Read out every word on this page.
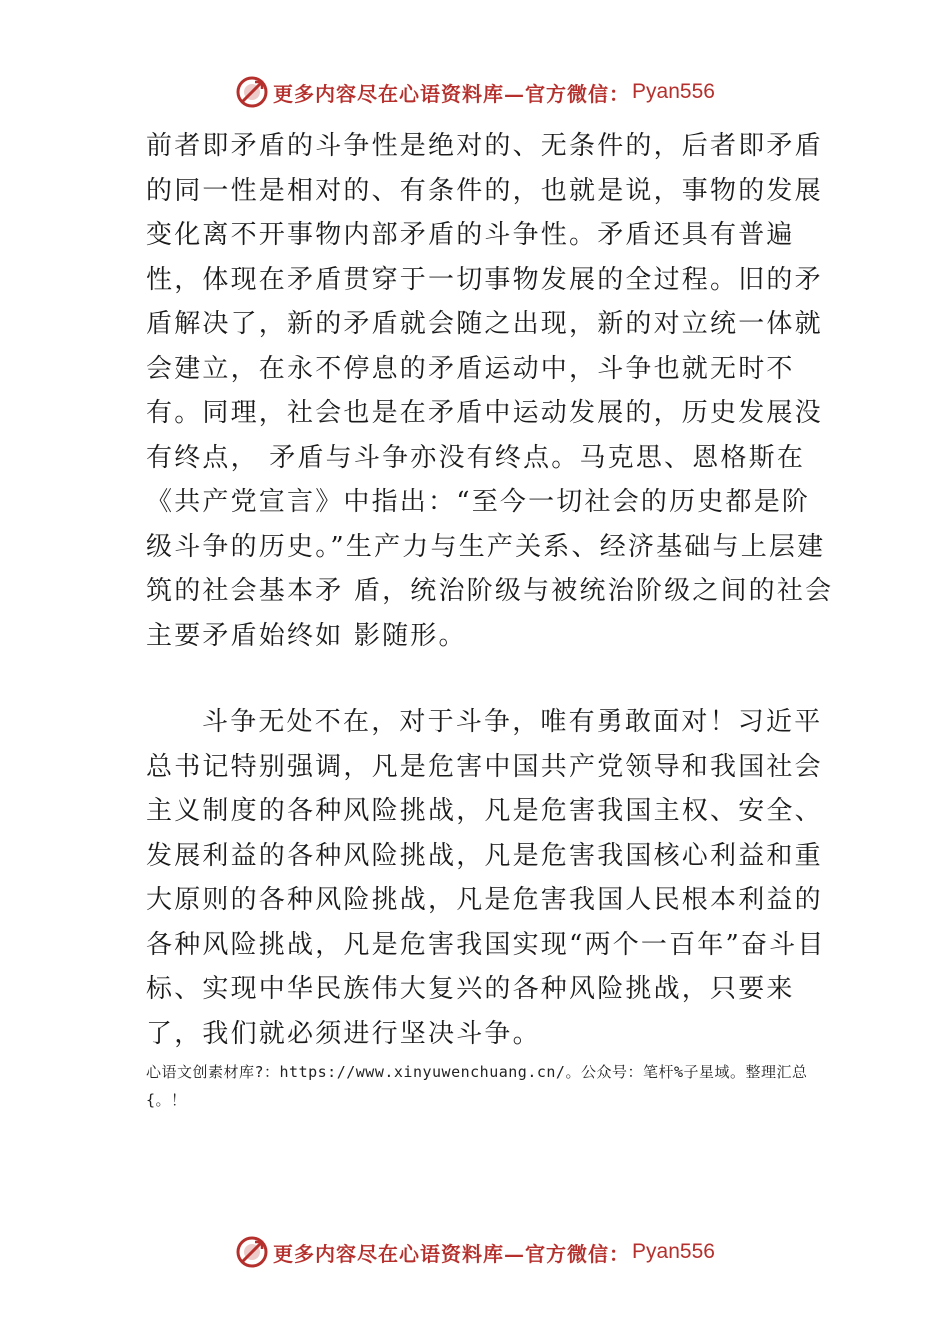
更多内容尽在心语资料库—官方微信： Pyan556

前者即矛盾的斗争性是绝对的、无条件的，后者即矛盾的同一性是相对的、有条件的，也就是说，事物的发展变化离不开事物内部矛盾的斗争性。矛盾还具有普遍性，体现在矛盾贯穿于一切事物发展的全过程。旧的矛盾解决了，新的矛盾就会随之出现，新的对立统一体就会建立，在永不停息的矛盾运动中，斗争也就无时不有。同理，社会也是在矛盾中运动发展的，历史发展没有终点， 矛盾与斗争亦没有终点。马克思、恩格斯在《共产党宣言》中指出：“至今一切社会的历史都是阶级斗争的历史。”生产力与生产关系、经济基础与上层建筑的社会基本矛 盾，统治阶级与被统治阶级之间的社会主要矛盾始终如 影随形。

斗争无处不在，对于斗争，唯有勇敢面对！习近平总书记特别强调，凡是危害中国共产党领导和我国社会主义制度的各种风险挑战，凡是危害我国主权、安全、发展利益的各种风险挑战，凡是危害我国核心利益和重大原则的各种风险挑战，凡是危害我国人民根本利益的各种风险挑战，凡是危害我国实现“两个一百年”奋斗目标、实现中华民族伟大复兴的各种风险挑战，只要来了，我们就必须进行坚决斗争。

心语文创素材库?：https://www.xinyuwenchuang.cn/。公众号：笔杆%子星域。整理汇总{。！

更多内容尽在心语资料库—官方微信： Pyan556
